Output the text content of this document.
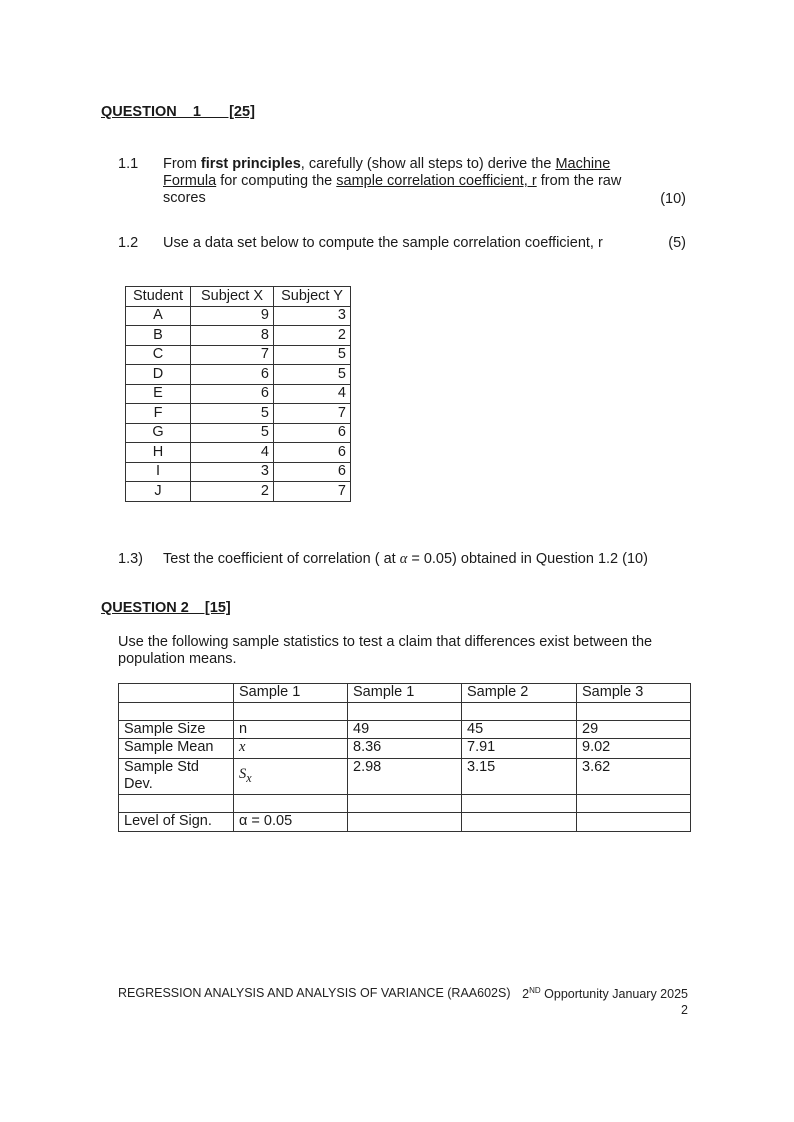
QUESTION    1       [25]
1.1 From first principles, carefully (show all steps to) derive the Machine
Formula for computing the sample correlation coefficient, r from the raw
scores	(10)
1.2 Use a data set below to compute the sample correlation coefficient, r	(5)
Student	Subject X	Subject Y
A	9	3
B	8	2
C	7	5
D	6	5
E	6	4
F	5	7
G	5	6
H	4	6
I	3	6
J	2	7
1.3) Test the coefficient of correlation ( at α = 0.05) obtained in Question 1.2 (10)
QUESTION 2    [15]
Use the following sample statistics to test a claim that differences exist between the population means.
	Sample 1	Sample 1	Sample 2	Sample 3

Sample Size	n	49	45	29
Sample Mean	$\overline{x}$	8.36	7.91	9.02
Sample Std Dev.	$S_x$	2.98	3.15	3.62

Level of Sign.	α = 0.05			
REGRESSION ANALYSIS AND ANALYSIS OF VARIANCE (RAA602S) 2ND Opportunity January 2025
2
